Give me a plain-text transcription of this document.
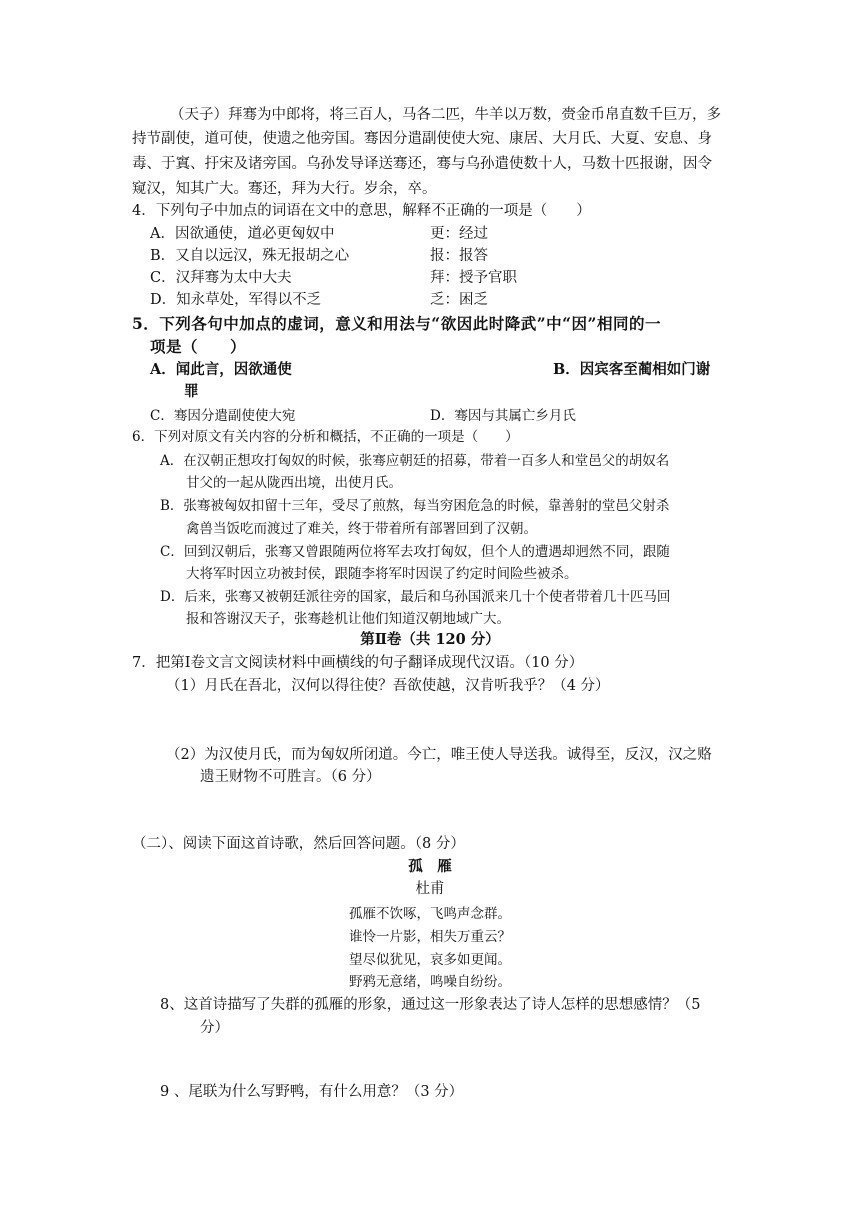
（天子）拜骞为中郎将，将三百人，马各二匹，牛羊以万数，赍金币帛直数千巨万，多
持节副使，道可使，使遗之他旁国。骞因分遣副使使大宛、康居、大月氏、大夏、安息、身
毒、于窴、扜宋及诸旁国。乌孙发导译送骞还，骞与乌孙遣使数十人，马数十匹报谢，因令
窥汉，知其广大。骞还，拜为大行。岁余，卒。
4．下列句子中加点的词语在文中的意思，解释不正确的一项是（　　）
A．因欲通使，道必更匈奴中	更：经过
B．又自以远汉，殊无报胡之心	报：报答
C．汉拜骞为太中大夫	拜：授予官职
D．知永草处，军得以不乏	乏：困乏
5．下列各句中加点的虚词，意义和用法与“欲因此时降武”中“因”相同的一
项是（　　）
A．闻此言，因欲通使	B．因宾客至蔺相如门谢
罪
C．骞因分遣副使使大宛	D．骞因与其属亡乡月氏
6．下列对原文有关内容的分析和概括，不正确的一项是（　　）
A．在汉朝正想攻打匈奴的时候，张骞应朝廷的招募，带着一百多人和堂邑父的胡奴名
甘父的一起从陇西出境，出使月氏。
B．张骞被匈奴扣留十三年，受尽了煎熬，每当穷困危急的时候，靠善射的堂邑父射杀
禽兽当饭吃而渡过了难关，终于带着所有部署回到了汉朝。
C．回到汉朝后，张骞又曾跟随两位将军去攻打匈奴，但个人的遭遇却迥然不同，跟随
大将军时因立功被封侯，跟随李将军时因误了约定时间险些被杀。
D．后来，张骞又被朝廷派往旁的国家，最后和乌孙国派来几十个使者带着几十匹马回
报和答谢汉天子，张骞趁机让他们知道汉朝地域广大。
第Ⅱ卷（共 120 分）
7．把第Ⅰ卷文言文阅读材料中画横线的句子翻译成现代汉语。（10 分）
（1）月氏在吾北，汉何以得往使？吾欲使越，汉肯听我乎？（4 分）
（2）为汉使月氏，而为匈奴所闭道。今亡，唯王使人导送我。诚得至，反汉，汉之赂
遗王财物不可胜言。（6 分）
（二）、阅读下面这首诗歌，然后回答问题。（8 分）
孤　雁
杜甫
孤雁不饮啄，飞鸣声念群。
谁怜一片影，相失万重云？
望尽似犹见，哀多如更闻。
野鸦无意绪，鸣噪自纷纷。
8、这首诗描写了失群的孤雁的形象，通过这一形象表达了诗人怎样的思想感情？（5
分）
9 、尾联为什么写野鸭，有什么用意？（3 分）
